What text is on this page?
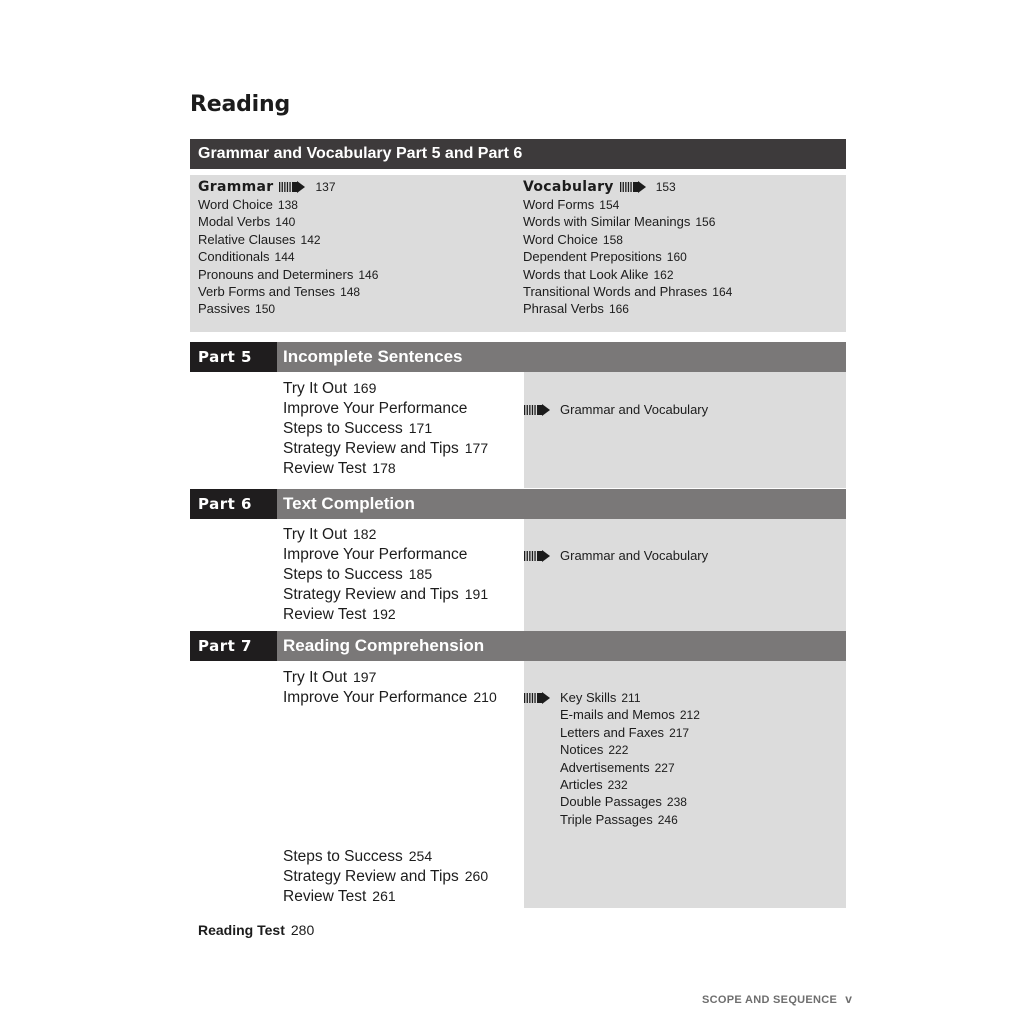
Reading
Grammar and Vocabulary Part 5 and Part 6
Grammar	137
Word Choice 138
Modal Verbs 140
Relative Clauses 142
Conditionals 144
Pronouns and Determiners 146
Verb Forms and Tenses 148
Passives 150
Vocabulary	153
Word Forms 154
Words with Similar Meanings 156
Word Choice 158
Dependent Prepositions 160
Words that Look Alike 162
Transitional Words and Phrases 164
Phrasal Verbs 166
Part 5	Incomplete Sentences
Grammar and Vocabulary
Try It Out 169
Improve Your Performance
Steps to Success 171
Strategy Review and Tips 177
Review Test 178
Part 6	Text Completion
Grammar and Vocabulary
Try It Out 182
Improve Your Performance
Steps to Success 185
Strategy Review and Tips 191
Review Test 192
Part 7	Reading Comprehension
Try It Out 197
Improve Your Performance 210	Key Skills 211
E-mails and Memos 212
Letters and Faxes 217
Notices 222
Advertisements 227
Articles 232
Double Passages 238
Triple Passages 246
Steps to Success 254
Strategy Review and Tips 260
Review Test 261
Reading Test 280
SCOPE AND SEQUENCE v
